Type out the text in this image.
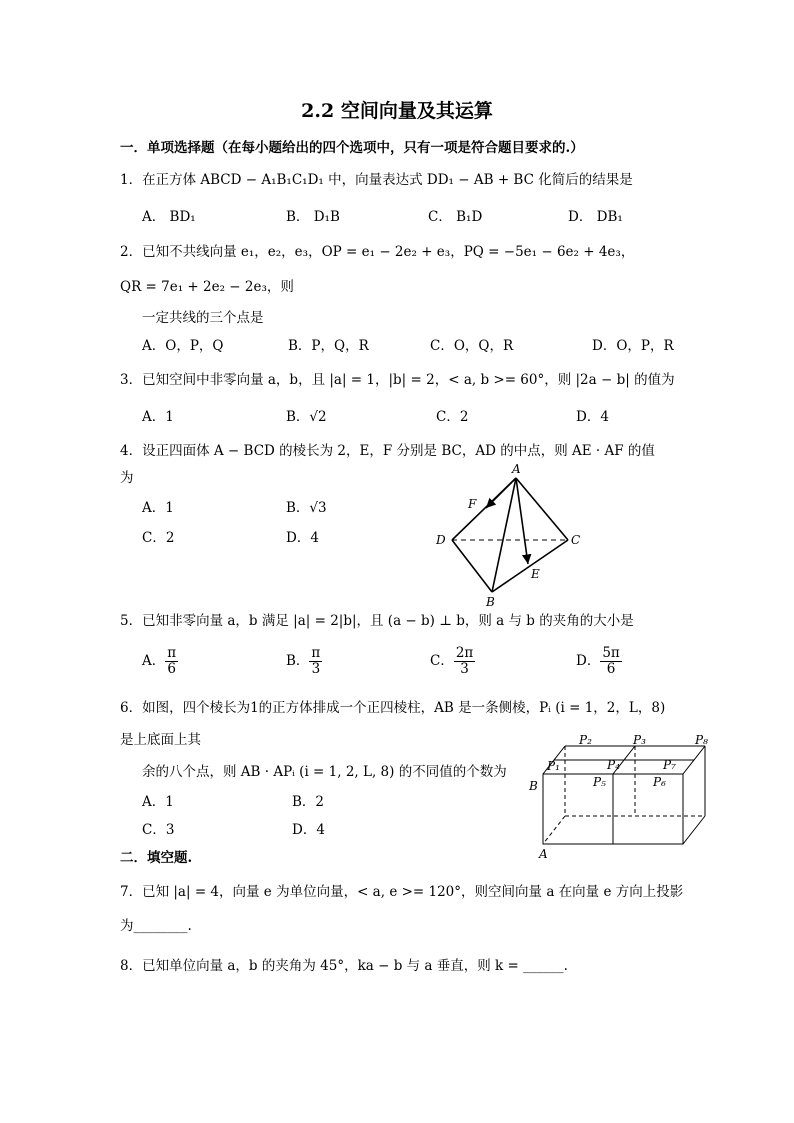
2.2 空间向量及其运算
一．单项选择题（在每小题给出的四个选项中，只有一项是符合题目要求的.）
1．在正方体 ABCD − A₁B₁C₁D₁ 中，向量表达式 DD₁ − AB + BC 化简后的结果是
A． BD₁	B． D₁B	C． B₁D	D． DB₁
2．已知不共线向量 e₁，e₂，e₃，OP = e₁ − 2e₂ + e₃，PQ = −5e₁ − 6e₂ + 4e₃，
QR = 7e₁ + 2e₂ − 2e₃，则
一定共线的三个点是
A．O，P，Q	B．P，Q，R	C．O，Q，R	D．O，P，R
3．已知空间中非零向量 a，b，且 |a| = 1，|b| = 2，< a, b >= 60°，则 |2a − b| 的值为
A．1	B．√2	C．2	D．4
4．设正四面体 A − BCD 的棱长为 2，E，F 分别是 BC，AD 的中点，则 AE · AF 的值
为
A．1	B．√3
C．2	D．4
A
F
D	C
E
B
5．已知非零向量 a，b 满足 |a| = 2|b|，且 (a − b) ⊥ b，则 a 与 b 的夹角的大小是
A． $\frac{\pi}{6}$	B． $\frac{\pi}{3}$	C． $\frac{2\pi}{3}$	D． $\frac{5\pi}{6}$
6．如图，四个棱长为1的正方体排成一个正四棱柱，AB 是一条侧棱，Pᵢ (i = 1，2，L，8)
是上底面上其
余的八个点，则 AB · APᵢ (i = 1, 2, L, 8) 的不同值的个数为
A．1	B．2
C．3	D．4
P₂	P₃	P₈
P₁	P₄	P₇
B	P₅	P₆
A
二．填空题.
7．已知 |a| = 4，向量 e 为单位向量，< a, e >= 120°，则空间向量 a 在向量 e 方向上投影
为________.
8．已知单位向量 a，b 的夹角为 45°，ka − b 与 a 垂直，则 k = ______.
